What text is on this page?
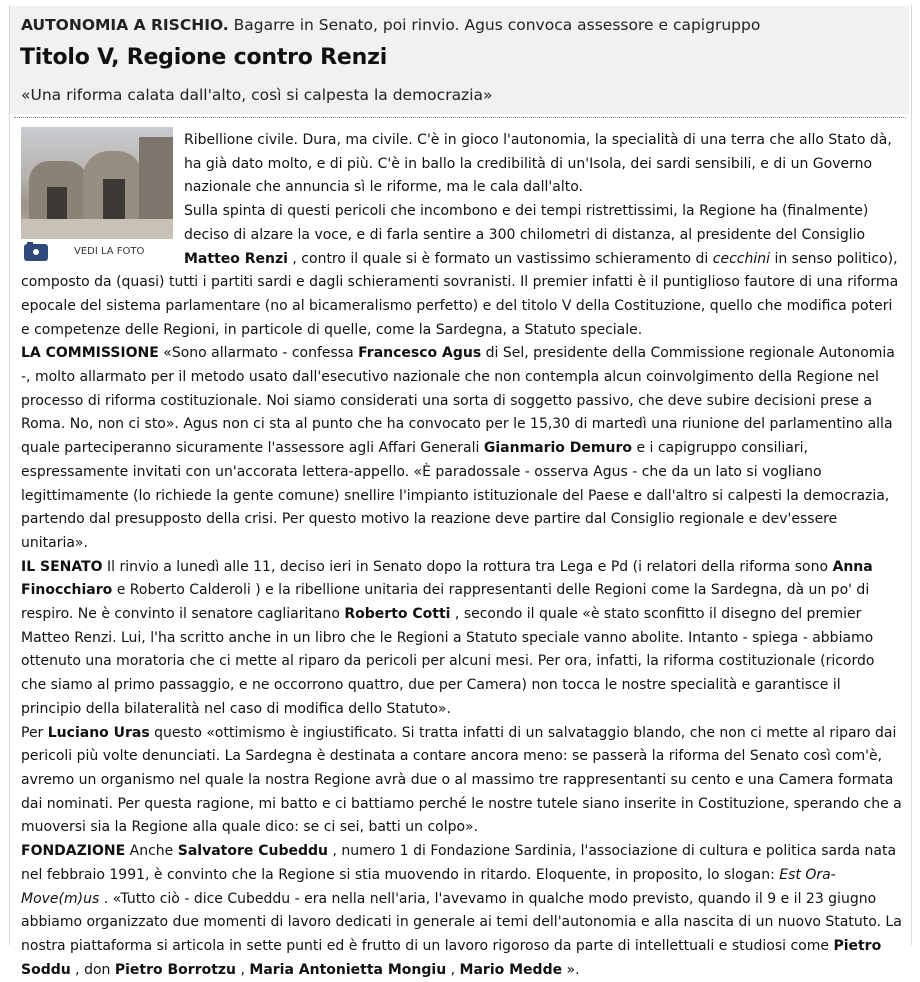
AUTONOMIA A RISCHIO. Bagarre in Senato, poi rinvio. Agus convoca assessore e capigruppo
Titolo V, Regione contro Renzi
«Una riforma calata dall'alto, così si calpesta la democrazia»
VEDI LA FOTO

Ribellione civile. Dura, ma civile. C'è in gioco l'autonomia, la specialità di una terra che allo Stato dà, ha già dato molto, e di più. C'è in ballo la credibilità di un'Isola, dei sardi sensibili, e di un Governo nazionale che annuncia sì le riforme, ma le cala dall'alto.

Sulla spinta di questi pericoli che incombono e dei tempi ristrettissimi, la Regione ha (finalmente) deciso di alzare la voce, e di farla sentire a 300 chilometri di distanza, al presidente del Consiglio Matteo Renzi , contro il quale si è formato un vastissimo schieramento di cecchini in senso politico), composto da (quasi) tutti i partiti sardi e dagli schieramenti sovranisti. Il premier infatti è il puntiglioso fautore di una riforma epocale del sistema parlamentare (no al bicameralismo perfetto) e del titolo V della Costituzione, quello che modifica poteri e competenze delle Regioni, in particole di quelle, come la Sardegna, a Statuto speciale.

LA COMMISSIONE «Sono allarmato - confessa Francesco Agus di Sel, presidente della Commissione regionale Autonomia -, molto allarmato per il metodo usato dall'esecutivo nazionale che non contempla alcun coinvolgimento della Regione nel processo di riforma costituzionale. Noi siamo considerati una sorta di soggetto passivo, che deve subire decisioni prese a Roma. No, non ci sto». Agus non ci sta al punto che ha convocato per le 15,30 di martedì una riunione del parlamentino alla quale parteciperanno sicuramente l'assessore agli Affari Generali Gianmario Demuro e i capigruppo consiliari, espressamente invitati con un'accorata lettera-appello. «È paradossale - osserva Agus - che da un lato si vogliano legittimamente (lo richiede la gente comune) snellire l'impianto istituzionale del Paese e dall'altro si calpesti la democrazia, partendo dal presupposto della crisi. Per questo motivo la reazione deve partire dal Consiglio regionale e dev'essere unitaria».

IL SENATO Il rinvio a lunedì alle 11, deciso ieri in Senato dopo la rottura tra Lega e Pd (i relatori della riforma sono Anna Finocchiaro e Roberto Calderoli ) e la ribellione unitaria dei rappresentanti delle Regioni come la Sardegna, dà un po' di respiro. Ne è convinto il senatore cagliaritano Roberto Cotti , secondo il quale «è stato sconfitto il disegno del premier Matteo Renzi. Lui, l'ha scritto anche in un libro che le Regioni a Statuto speciale vanno abolite. Intanto - spiega - abbiamo ottenuto una moratoria che ci mette al riparo da pericoli per alcuni mesi. Per ora, infatti, la riforma costituzionale (ricordo che siamo al primo passaggio, e ne occorrono quattro, due per Camera) non tocca le nostre specialità e garantisce il principio della bilateralità nel caso di modifica dello Statuto».

Per Luciano Uras questo «ottimismo è ingiustificato. Si tratta infatti di un salvataggio blando, che non ci mette al riparo dai pericoli più volte denunciati. La Sardegna è destinata a contare ancora meno: se passerà la riforma del Senato così com'è, avremo un organismo nel quale la nostra Regione avrà due o al massimo tre rappresentanti su cento e una Camera formata dai nominati. Per questa ragione, mi batto e ci battiamo perché le nostre tutele siano inserite in Costituzione, sperando che a muoversi sia la Regione alla quale dico: se ci sei, batti un colpo».

FONDAZIONE Anche Salvatore Cubeddu , numero 1 di Fondazione Sardinia, l'associazione di cultura e politica sarda nata nel febbraio 1991, è convinto che la Regione si stia muovendo in ritardo. Eloquente, in proposito, lo slogan: Est Ora-Move(m)us . «Tutto ciò - dice Cubeddu - era nella nell'aria, l'avevamo in qualche modo previsto, quando il 9 e il 23 giugno abbiamo organizzato due momenti di lavoro dedicati in generale ai temi dell'autonomia e alla nascita di un nuovo Statuto. La nostra piattaforma si articola in sette punti ed è frutto di un lavoro rigoroso da parte di intellettuali e studiosi come Pietro Soddu , don Pietro Borrotzu , Maria Antonietta Mongiu , Mario Medde ».
